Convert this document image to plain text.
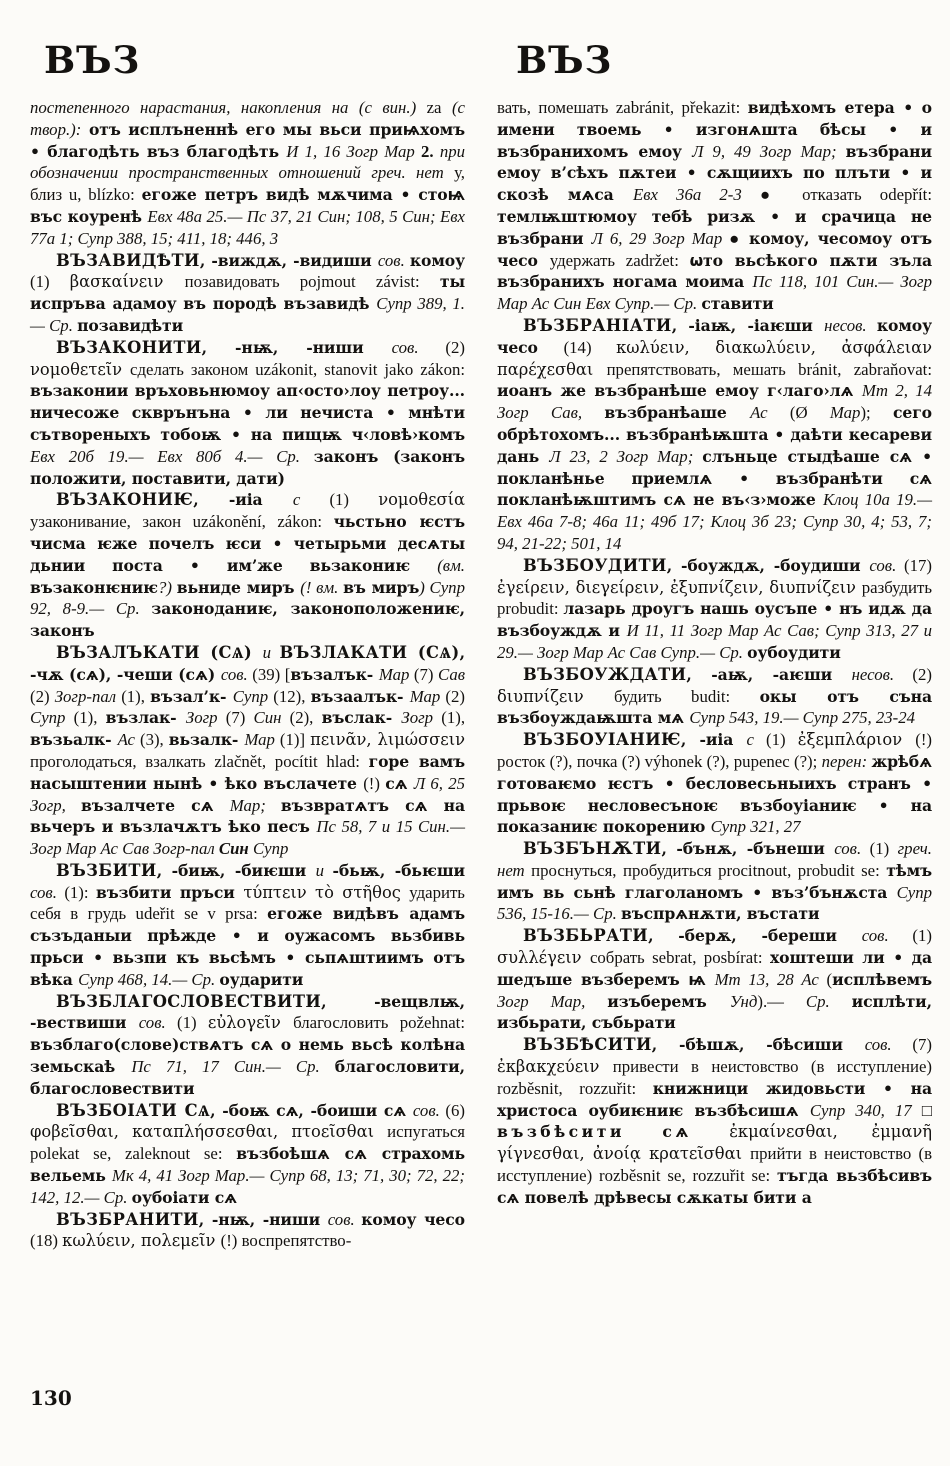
ВЪЗ	ВЪЗ

постепенного нарастания, накопления на (с вин.) za (с твор.): отъ исплъненнѣ его мы вьси приѩхомъ • благодѣть въз благодѣть И 1, 16 Зогр Мар 2. при обозначении пространственных отношений греч. нет у, близ u, blízko: егоже петръ видѣ мѫчима • стоѩ въс коуренѣ Евх 48а 25.— Пс 37, 21 Син; 108, 5 Син; Евх 77а 1; Супр 388, 15; 411, 18; 446, 3

ВЪЗАВИДѢТИ, -виждѫ, -видиши сов. комоу (1) βασκαίνειν позавидовать pojmout závist: ты испръва адамоу въ породѣ възавидѣ Супр 389, 1.— Ср. позавидѣти

ВЪЗАКОНИТИ, -нѭ, -ниши сов. (2) νομοθετεῖν сделать законом uzákonit, stanovit jako zákon: възаконии връховьнюмоу ап‹осто›лоу петроу... ничесоже скврънъна • ли нечиста • мнѣти сътвореныхъ тобоѭ • на пищѭ ч‹ловѣ›комъ Евх 20б 19.— Евх 80б 4.— Ср. законъ (законъ положити, поставити, дати)

ВЪЗАКОНИѤ, -иіа с (1) νομοθεσία узаконивание, закон uzákonění, zákon: чьстьно ѥстъ чисма ѥже почелъ ѥси • четырьми десѧты дьнии поста • им’же вьзакониѥ (вм. възаконѥниѥ?) вьниде миръ (! вм. въ миръ) Супр 92, 8-9.— Ср. законоданиѥ, законоположениѥ, законъ

ВЪЗАЛЪКАТИ (СѦ) и ВЪЗЛАКАТИ (СѦ), -чѫ (сѧ), -чеши (сѧ) сов. (39) [възалък- Мар (7) Сав (2) Зогр-пал (1), възал’к- Супр (12), възаалък- Мар (2) Супр (1), възлак- Зогр (7) Син (2), въслак- Зогр (1), възьалк- Ас (3), вьзалк- Мар (1)] πεινᾶν, λιμώσσειν проголодаться, взалкать zlačnět, pocítit hlad: горе вамъ насыштении нынѣ • ѣко въслачете (!) сѧ Л 6, 25 Зогр, възалчете сѧ Мар; възвратѧтъ сѧ на вьчеръ и възлачѫтъ ѣко песъ Пс 58, 7 и 15 Син.— Зогр Мар Ас Сав Зогр-пал Син Супр

ВЪЗБИТИ, -биѭ, -биѥши и -бьѭ, -бьѥши сов. (1): възбити пръси τύπτειν τὸ στῆθος ударить себя в грудь udeřit se v prsa: егоже видѣвъ адамъ съзъданыи прѣжде • и оужасомъ вьзбивь прьси • вьзпи къ вьсѣмъ • сьпѧштиимъ отъ вѣка Супр 468, 14.— Ср. оударити

ВЪЗБЛАГОСЛОВЕСТВИТИ, -вещвлѭ, -вествиши сов. (1) εὐλογεῖν благословить požehnat: възблаго(слове)ствѧтъ сѧ о немь вьсѣ колѣна земьскаѣ Пс 71, 17 Син.— Ср. благословити, благословествити

ВЪЗБОІАТИ СѦ, -боѭ сѧ, -боиши сѧ сов. (6) φοβεῖσθαι, καταπλήσσεσθαι, πτοεῖσθαι испугаться polekat se, zaleknout se: възбоѣшѧ сѧ страхомь вельемь Мк 4, 41 Зогр Мар.— Супр 68, 13; 71, 30; 72, 22; 142, 12.— Ср. оубоіати сѧ

ВЪЗБРАНИТИ, -нѭ, -ниши сов. комоу чесо (18) κωλύειν, πολεμεῖν (!) воспрепятство-

вать, помешать zabránit, překazit: видѣхомъ етера • о имени твоемь • изгонѧшта бѣсы • и възбранихомъ емоу Л 9, 49 Зогр Мар; възбрани емоу в’сѣхъ пѫтеи • сѫщиихъ по плъти • и скозѣ мѧса Евх 36а 2-3 ● отказать odepřít: темлѭштюмоу тебѣ ризѫ • и срачица не възбрани Л 6, 29 Зогр Мар ● комоу, чесомоу отъ чесо удержать zadržet: ѡто вьсѣкого пѫти зъла възбранихъ ногама моима Пс 118, 101 Син.— Зогр Мар Ас Син Евх Супр.— Ср. ставити

ВЪЗБРАНІАТИ, -іаѭ, -іаѥши несов. комоу чесо (14) κωλύειν, διακωλύειν, ἀσφάλειαν παρέχεσθαι препятствовать, мешать bránit, zabraňovat: иоанъ же възбранѣше емоу г‹лаго›лѧ Мт 2, 14 Зогр Сав, възбранѣаше Ас (Ø Мар); сего обрѣтохомъ... възбранѣѭшта • даѣти кесареви дань Л 23, 2 Зогр Мар; слъньце стыдѣаше сѧ • покланѣнье приемлѧ • възбранѣти сѧ покланѣѭштимъ сѧ не въ‹з›може Клоц 10а 19.— Евх 46а 7-8; 46а 11; 49б 17; Клоц 3б 23; Супр 30, 4; 53, 7; 94, 21-22; 501, 14

ВЪЗБОУДИТИ, -боуждѫ, -боудиши сов. (17) ἐγείρειν, διεγείρειν, ἐξυπνίζειν, διυπνίζειν разбудить probudit: лазарь дроугъ нашь оусъпе • нъ идѫ да възбоуждѫ и И 11, 11 Зогр Мар Ас Сав; Супр 313, 27 и 29.— Зогр Мар Ас Сав Супр.— Ср. оубоудити

ВЪЗБОУЖДАТИ, -аѭ, -аѥши несов. (2) διυπνίζειν будить budit: окы отъ съна възбоуждаѭшта мѧ Супр 543, 19.— Супр 275, 23-24

ВЪЗБОУІАНИѤ, -иіа с (1) ἐξεμπλάριον (!) росток (?), почка (?) výhonek (?), pupenec (?); перен: жрѣбѧ готоваѥмо ѥстъ • бесловесьныихъ странъ • прьвоѥ несловесъноѥ възбоуіаниѥ • на показаниѥ покорению Супр 321, 27

ВЪЗБЪНѪТИ, -бънѫ, -бънеши сов. (1) греч. нет проснуться, пробудиться procitnout, probudit se: тѣмъ имъ вь сьнѣ глаголаномъ • въз’бънѫста Супр 536, 15-16.— Ср. въспрѧнѫти, въстати

ВЪЗБЬРАТИ, -берѫ, -береши сов. (1) συλλέγειν собрать sebrat, posbírat: хоштеши ли • да шедъше възберемъ ѩ Мт 13, 28 Ас (исплѣвемъ Зогр Мар, изъберемъ Унд).— Ср. исплѣти, избьрати, събьрати

ВЪЗБѢСИТИ, -бѣшѫ, -бѣсиши сов. (7) ἐκβακχεύειν привести в неистовство (в исступление) rozběsnit, rozzuřit: книжници жидовьсти • на христоса оубиѥниѥ възбѣсишѧ Супр 340, 17 □ възбѣсити сѧ ἐκμαίνεσθαι, ἐμμανῆ γίγνεσθαι, ἀνοίᾳ κρατεῖσθαι прийти в неистовство (в исступление) rozběsnit se, rozzuřit se: тъгда вьзбѣсивъ сѧ повелѣ дрѣвесы сѫкаты бити а

130
